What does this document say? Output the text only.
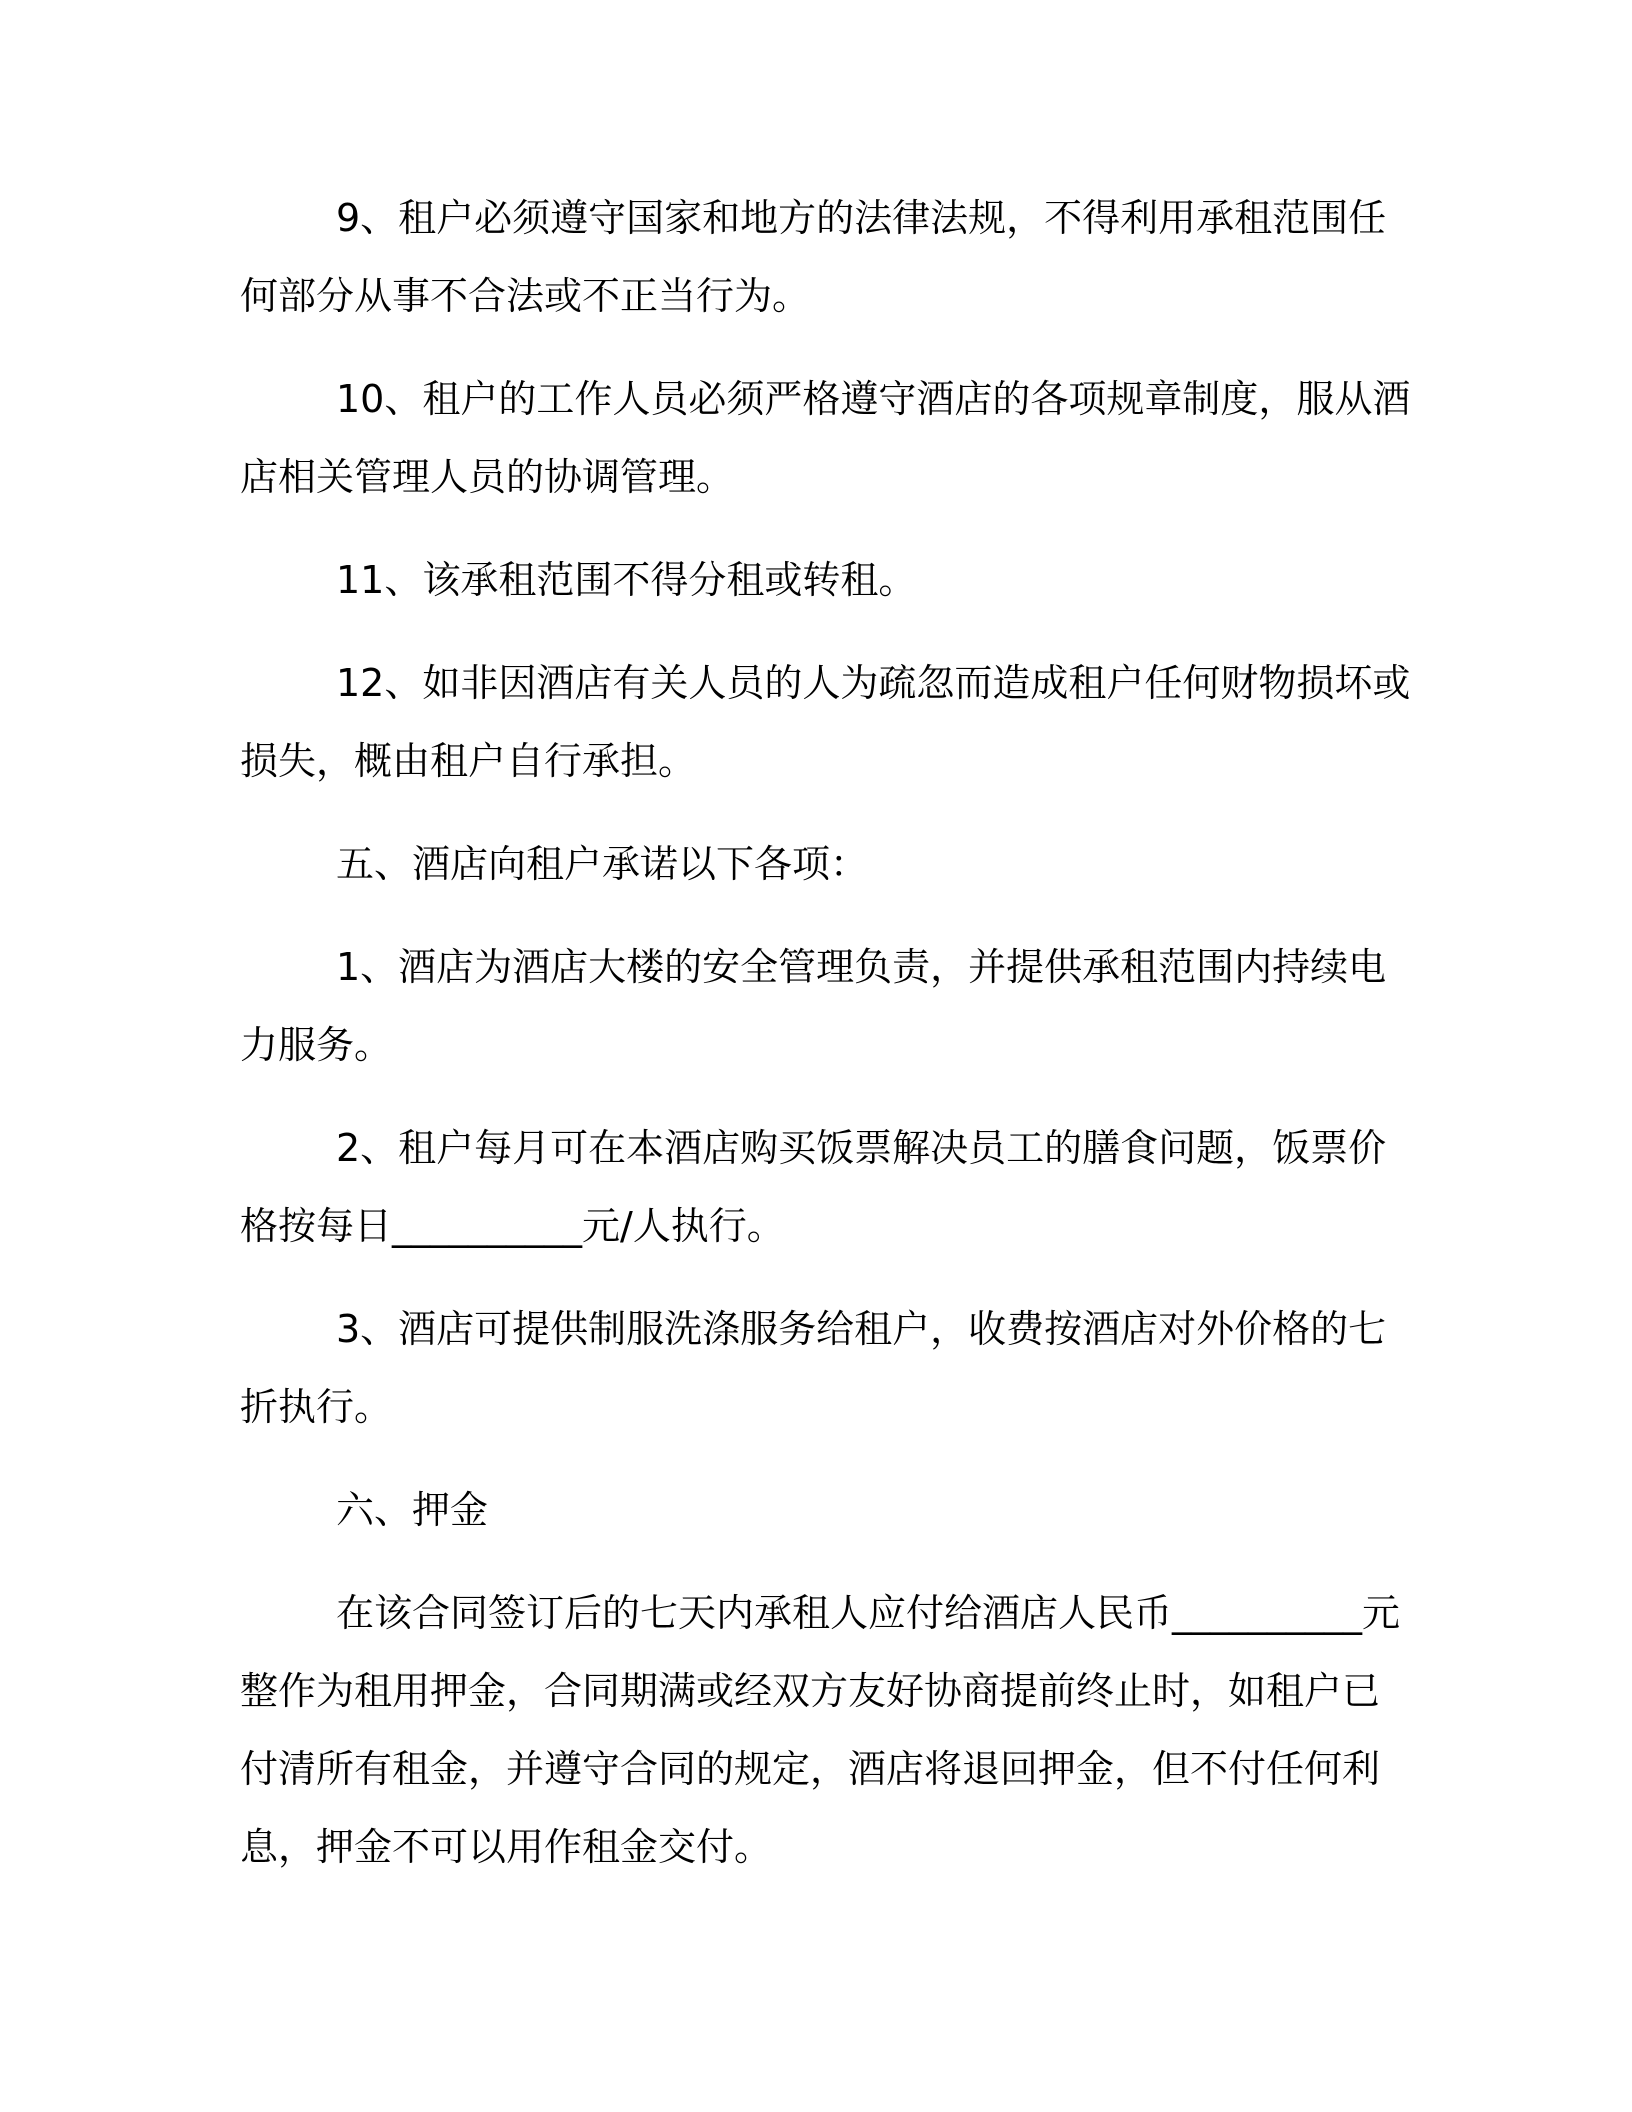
9、租户必须遵守国家和地方的法律法规，不得利用承租范围任
何部分从事不合法或不正当行为。
10、租户的工作人员必须严格遵守酒店的各项规章制度，服从酒
店相关管理人员的协调管理。
11、该承租范围不得分租或转租。
12、如非因酒店有关人员的人为疏忽而造成租户任何财物损坏或
损失，概由租户自行承担。
五、酒店向租户承诺以下各项：
1、酒店为酒店大楼的安全管理负责，并提供承租范围内持续电
力服务。
2、租户每月可在本酒店购买饭票解决员工的膳食问题，饭票价
格按每日__________元/人执行。
3、酒店可提供制服洗涤服务给租户，收费按酒店对外价格的七
折执行。
六、押金
在该合同签订后的七天内承租人应付给酒店人民币__________元
整作为租用押金，合同期满或经双方友好协商提前终止时，如租户已
付清所有租金，并遵守合同的规定，酒店将退回押金，但不付任何利
息，押金不可以用作租金交付。
